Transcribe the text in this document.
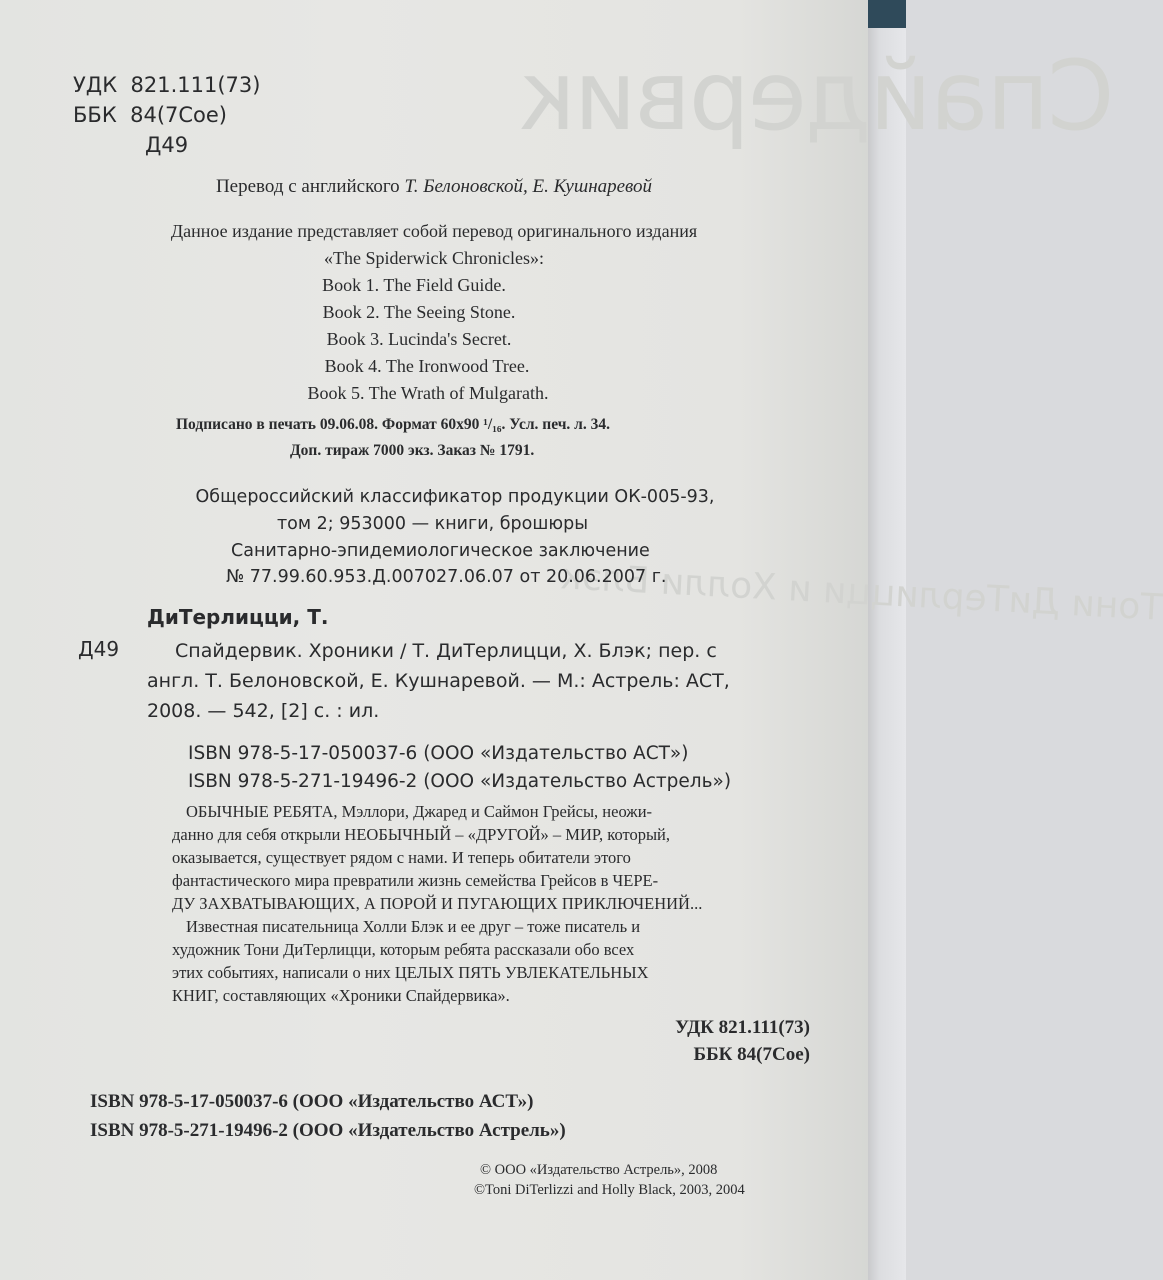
Спайдервик
Тони ДиТерлицци и Холли Блэк
УДК 821.111(73)
ББК 84(7Сое)
Д49
Перевод с английского Т. Белоновской, Е. Кушнаревой
Данное издание представляет собой перевод оригинального издания
«The Spiderwick Chronicles»:
Book 1. The Field Guide.
Book 2. The Seeing Stone.
Book 3. Lucinda's Secret.
Book 4. The Ironwood Tree.
Book 5. The Wrath of Mulgarath.
Подписано в печать 09.06.08. Формат 60x90 ¹/₁₆. Усл. печ. л. 34.
Доп. тираж 7000 экз. Заказ № 1791.
Общероссийский классификатор продукции ОК-005-93,
том 2; 953000 — книги, брошюры
Санитарно-эпидемиологическое заключение
№ 77.99.60.953.Д.007027.06.07 от 20.06.2007 г.
ДиТерлицци, Т.
Д49	Спайдервик. Хроники / Т. ДиТерлицци, Х. Блэк; пер. с
англ. Т. Белоновской, Е. Кушнаревой. — М.: Астрель: АСТ,
2008. — 542, [2] с. : ил.
ISBN 978-5-17-050037-6 (ООО «Издательство АСТ»)
ISBN 978-5-271-19496-2 (ООО «Издательство Астрель»)
ОБЫЧНЫЕ РЕБЯТА, Мэллори, Джаред и Саймон Грейсы, неожи-
данно для себя открыли НЕОБЫЧНЫЙ – «ДРУГОЙ» – МИР, который,
оказывается, существует рядом с нами. И теперь обитатели этого
фантастического мира превратили жизнь семейства Грейсов в ЧЕРЕ-
ДУ ЗАХВАТЫВАЮЩИХ, А ПОРОЙ И ПУГАЮЩИХ ПРИКЛЮЧЕНИЙ...
Известная писательница Холли Блэк и ее друг – тоже писатель и
художник Тони ДиТерлицци, которым ребята рассказали обо всех
этих событиях, написали о них ЦЕЛЫХ ПЯТЬ УВЛЕКАТЕЛЬНЫХ
КНИГ, составляющих «Хроники Спайдервика».
УДК 821.111(73)
ББК 84(7Сое)
ISBN 978-5-17-050037-6 (ООО «Издательство АСТ»)
ISBN 978-5-271-19496-2 (ООО «Издательство Астрель»)
© ООО «Издательство Астрель», 2008
©Toni DiTerlizzi and Holly Black, 2003, 2004
